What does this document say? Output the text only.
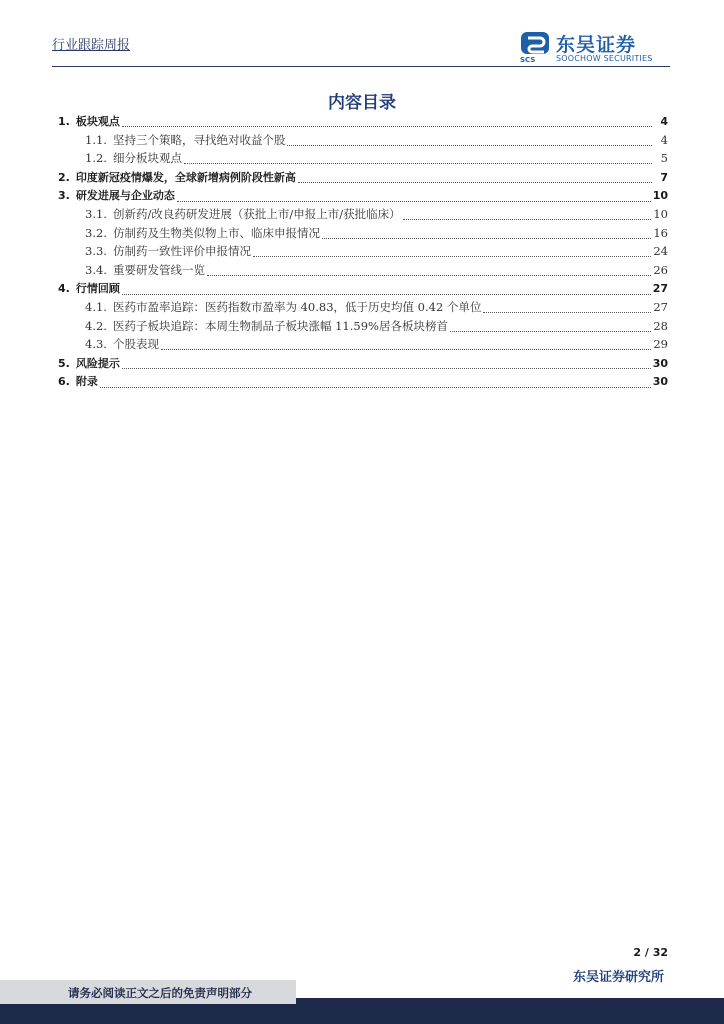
行业跟踪周报
SCS
东吴证券
SOOCHOW SECURITIES
内容目录
1. 板块观点	4
1.1. 坚持三个策略，寻找绝对收益个股	4
1.2. 细分板块观点	5
2. 印度新冠疫情爆发，全球新增病例阶段性新高	7
3. 研发进展与企业动态	10
3.1. 创新药/改良药研发进展（获批上市/申报上市/获批临床）	10
3.2. 仿制药及生物类似物上市、临床申报情况	16
3.3. 仿制药一致性评价申报情况	24
3.4. 重要研发管线一览	26
4. 行情回顾	27
4.1. 医药市盈率追踪：医药指数市盈率为 40.83，低于历史均值 0.42 个单位	27
4.2. 医药子板块追踪：本周生物制品子板块涨幅 11.59%居各板块榜首	28
4.3. 个股表现	29
5. 风险提示	30
6. 附录	30
2 / 32
东吴证券研究所
请务必阅读正文之后的免责声明部分
